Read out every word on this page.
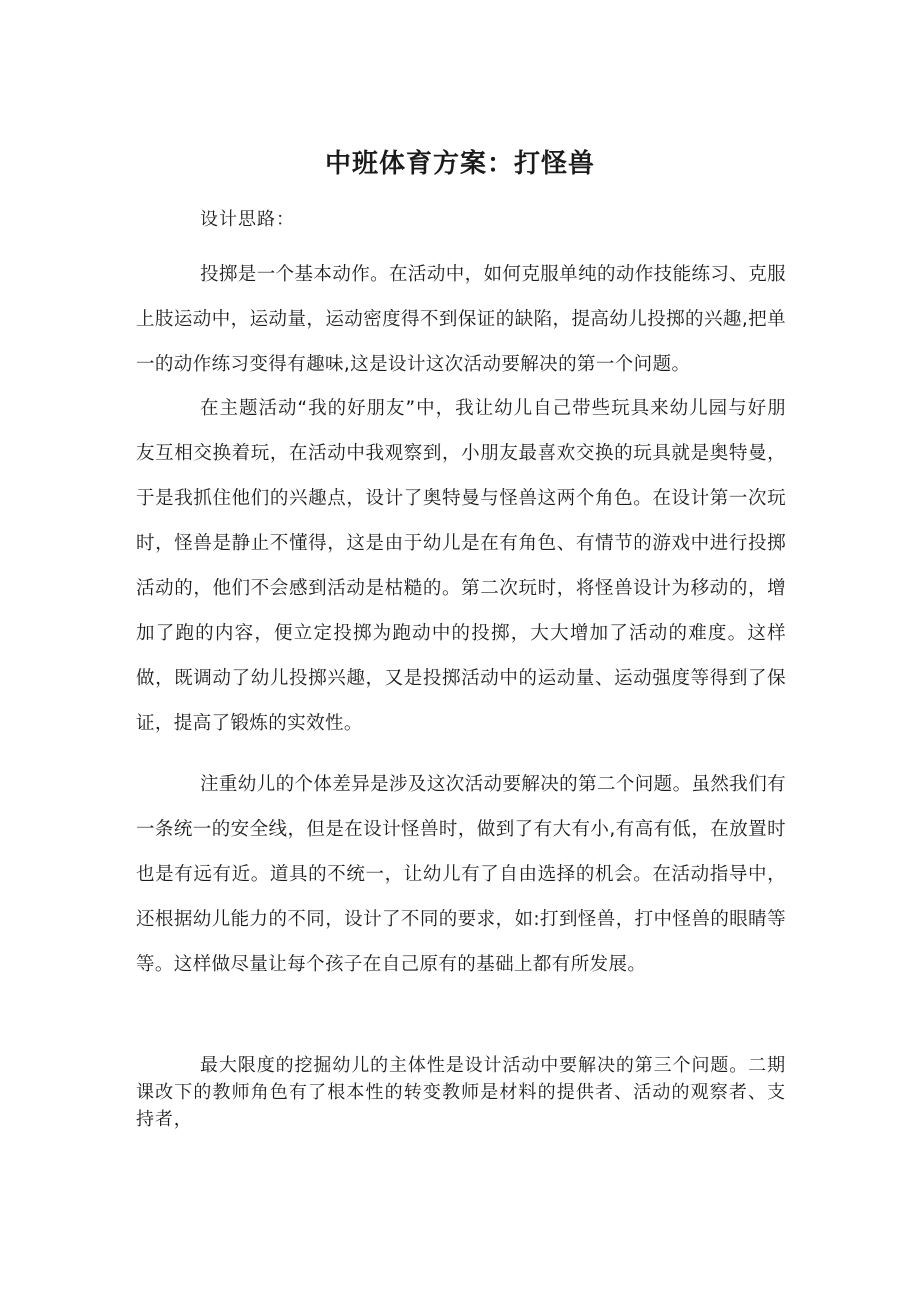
中班体育方案：打怪兽
设计思路：

投掷是一个基本动作。在活动中，如何克服单纯的动作技能练习、克服上肢运动中，运动量，运动密度得不到保证的缺陷，提高幼儿投掷的兴趣,把单一的动作练习变得有趣味,这是设计这次活动要解决的第一个问题。

在主题活动“我的好朋友”中，我让幼儿自己带些玩具来幼儿园与好朋友互相交换着玩，在活动中我观察到，小朋友最喜欢交换的玩具就是奥特曼，于是我抓住他们的兴趣点，设计了奥特曼与怪兽这两个角色。在设计第一次玩时，怪兽是静止不懂得，这是由于幼儿是在有角色、有情节的游戏中进行投掷活动的，他们不会感到活动是枯糙的。第二次玩时，将怪兽设计为移动的，增加了跑的内容，便立定投掷为跑动中的投掷，大大增加了活动的难度。这样做，既调动了幼儿投掷兴趣，又是投掷活动中的运动量、运动强度等得到了保证，提高了锻炼的实效性。

注重幼儿的个体差异是涉及这次活动要解决的第二个问题。虽然我们有一条统一的安全线，但是在设计怪兽时，做到了有大有小,有高有低，在放置时也是有远有近。道具的不统一，让幼儿有了自由选择的机会。在活动指导中，还根据幼儿能力的不同，设计了不同的要求，如:打到怪兽，打中怪兽的眼睛等等。这样做尽量让每个孩子在自己原有的基础上都有所发展。

最大限度的挖掘幼儿的主体性是设计活动中要解决的第三个问题。二期课改下的教师角色有了根本性的转变教师是材料的提供者、活动的观察者、支持者，
